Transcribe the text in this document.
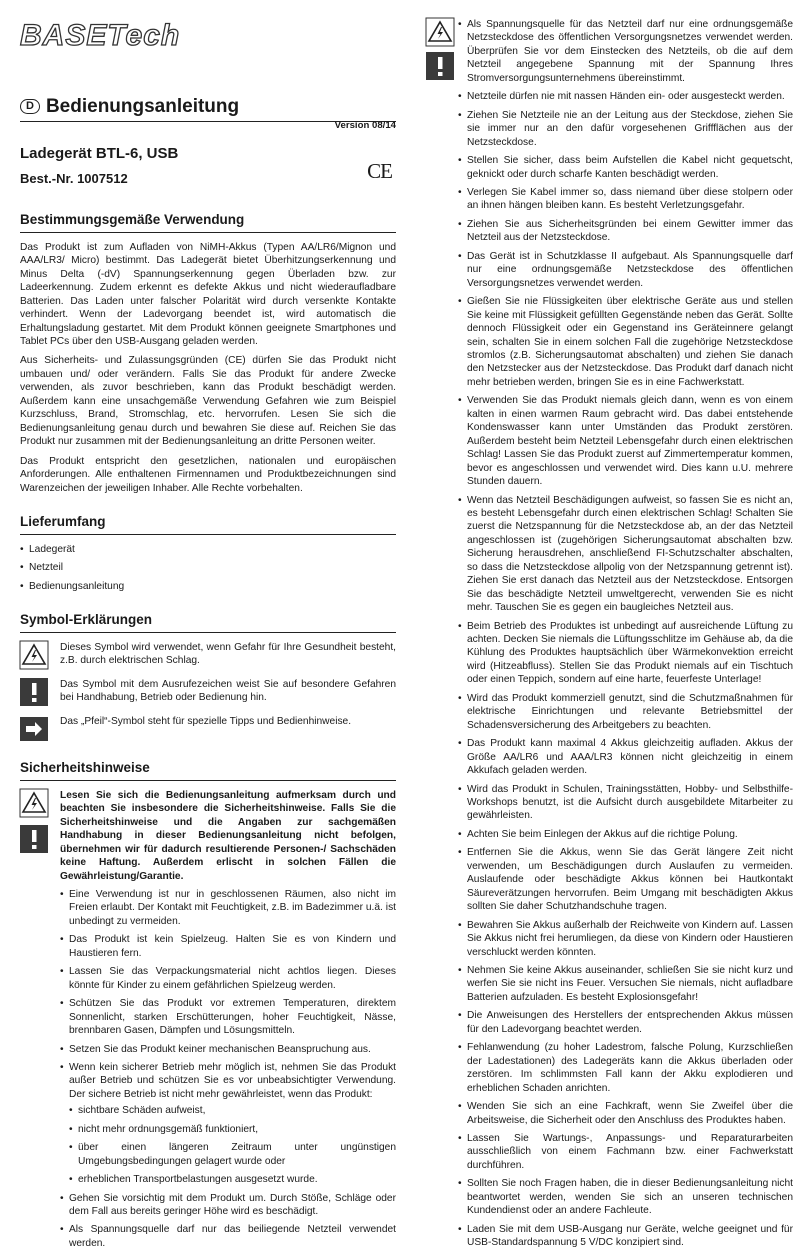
BASETech
D Bedienungsanleitung
Version 08/14
CE
Ladegerät BTL-6, USB
Best.-Nr. 1007512
Bestimmungsgemäße Verwendung

Das Produkt ist zum Aufladen von NiMH-Akkus (Typen AA/LR6/Mignon und AAA/LR3/ Micro) bestimmt. Das Ladegerät bietet Überhitzungserkennung und Minus Delta (-dV) Spannungserkennung gegen Überladen bzw. zur Ladeerkennung. Zudem erkennt es defekte Akkus und nicht wiederaufladbare Batterien. Das Laden unter falscher Polarität wird durch versenkte Kontakte verhindert. Wenn der Ladevorgang beendet ist, wird automatisch die Erhaltungsladung gestartet. Mit dem Produkt können geeignete Smartphones und Tablet PCs über den USB-Ausgang geladen werden.

Aus Sicherheits- und Zulassungsgründen (CE) dürfen Sie das Produkt nicht umbauen und/ oder verändern. Falls Sie das Produkt für andere Zwecke verwenden, als zuvor beschrieben, kann das Produkt beschädigt werden. Außerdem kann eine unsachgemäße Verwendung Gefahren wie zum Beispiel Kurzschluss, Brand, Stromschlag, etc. hervorrufen. Lesen Sie sich die Bedienungsanleitung genau durch und bewahren Sie diese auf. Reichen Sie das Produkt nur zusammen mit der Bedienungsanleitung an dritte Personen weiter.

Das Produkt entspricht den gesetzlichen, nationalen und europäischen Anforderungen. Alle enthaltenen Firmennamen und Produktbezeichnungen sind Warenzeichen der jeweiligen Inhaber. Alle Rechte vorbehalten.

Lieferumfang
• Ladegerät
• Netzteil
• Bedienungsanleitung
Symbol-Erklärungen
Dieses Symbol wird verwendet, wenn Gefahr für Ihre Gesundheit besteht, z.B. durch elektrischen Schlag.
Das Symbol mit dem Ausrufezeichen weist Sie auf besondere Gefahren bei Handhabung, Betrieb oder Bedienung hin.
Das „Pfeil“-Symbol steht für spezielle Tipps und Bedienhinweise.
Sicherheitshinweise
Lesen Sie sich die Bedienungsanleitung aufmerksam durch und beachten Sie insbesondere die Sicherheitshinweise. Falls Sie die Sicherheitshinweise und die Angaben zur sachgemäßen Handhabung in dieser Bedienungsanleitung nicht befolgen, übernehmen wir für dadurch resultierende Personen-/ Sachschäden keine Haftung. Außerdem erlischt in solchen Fällen die Gewährleistung/Garantie.
• Eine Verwendung ist nur in geschlossenen Räumen, also nicht im Freien erlaubt. Der Kontakt mit Feuchtigkeit, z.B. im Badezimmer u.ä. ist unbedingt zu vermeiden.
• Das Produkt ist kein Spielzeug. Halten Sie es von Kindern und Haustieren fern.
• Lassen Sie das Verpackungsmaterial nicht achtlos liegen. Dieses könnte für Kinder zu einem gefährlichen Spielzeug werden.
• Schützen Sie das Produkt vor extremen Temperaturen, direktem Sonnenlicht, starken Erschütterungen, hoher Feuchtigkeit, Nässe, brennbaren Gasen, Dämpfen und Lösungsmitteln.
• Setzen Sie das Produkt keiner mechanischen Beanspruchung aus.
• Wenn kein sicherer Betrieb mehr möglich ist, nehmen Sie das Produkt außer Betrieb und schützen Sie es vor unbeabsichtigter Verwendung. Der sichere Betrieb ist nicht mehr gewährleistet, wenn das Produkt:
• sichtbare Schäden aufweist,
• nicht mehr ordnungsgemäß funktioniert,
• über einen längeren Zeitraum unter ungünstigen Umgebungsbedingungen gelagert wurde oder
• erheblichen Transportbelastungen ausgesetzt wurde.
• Gehen Sie vorsichtig mit dem Produkt um. Durch Stöße, Schläge oder dem Fall aus bereits geringer Höhe wird es beschädigt.
• Als Spannungsquelle darf nur das beiliegende Netzteil verwendet werden.
• Als Spannungsquelle für das Netzteil darf nur eine ordnungsgemäße Netzsteckdose des öffentlichen Versorgungsnetzes verwendet werden. Überprüfen Sie vor dem Einstecken des Netzteils, ob die auf dem Netzteil angegebene Spannung mit der Spannung Ihres Stromversorgungsunternehmens übereinstimmt.
• Netzteile dürfen nie mit nassen Händen ein- oder ausgesteckt werden.
• Ziehen Sie Netzteile nie an der Leitung aus der Steckdose, ziehen Sie sie immer nur an den dafür vorgesehenen Griffflächen aus der Netzsteckdose.
• Stellen Sie sicher, dass beim Aufstellen die Kabel nicht gequetscht, geknickt oder durch scharfe Kanten beschädigt werden.
• Verlegen Sie Kabel immer so, dass niemand über diese stolpern oder an ihnen hängen bleiben kann. Es besteht Verletzungsgefahr.
• Ziehen Sie aus Sicherheitsgründen bei einem Gewitter immer das Netzteil aus der Netzsteckdose.
• Das Gerät ist in Schutzklasse II aufgebaut. Als Spannungsquelle darf nur eine ordnungsgemäße Netzsteckdose des öffentlichen Versorgungsnetzes verwendet werden.
• Gießen Sie nie Flüssigkeiten über elektrische Geräte aus und stellen Sie keine mit Flüssigkeit gefüllten Gegenstände neben das Gerät. Sollte dennoch Flüssigkeit oder ein Gegenstand ins Geräteinnere gelangt sein, schalten Sie in einem solchen Fall die zugehörige Netzsteckdose stromlos (z.B. Sicherungsautomat abschalten) und ziehen Sie danach den Netzstecker aus der Netzsteckdose. Das Produkt darf danach nicht mehr betrieben werden, bringen Sie es in eine Fachwerkstatt.
• Verwenden Sie das Produkt niemals gleich dann, wenn es von einem kalten in einen warmen Raum gebracht wird. Das dabei entstehende Kondenswasser kann unter Umständen das Produkt zerstören. Außerdem besteht beim Netzteil Lebensgefahr durch einen elektrischen Schlag! Lassen Sie das Produkt zuerst auf Zimmertemperatur kommen, bevor es angeschlossen und verwendet wird. Dies kann u.U. mehrere Stunden dauern.
• Wenn das Netzteil Beschädigungen aufweist, so fassen Sie es nicht an, es besteht Lebensgefahr durch einen elektrischen Schlag! Schalten Sie zuerst die Netzspannung für die Netzsteckdose ab, an der das Netzteil angeschlossen ist (zugehörigen Sicherungsautomat abschalten bzw. Sicherung herausdrehen, anschließend FI-Schutzschalter abschalten, so dass die Netzsteckdose allpolig von der Netzspannung getrennt ist). Ziehen Sie erst danach das Netzteil aus der Netzsteckdose. Entsorgen Sie das beschädigte Netzteil umweltgerecht, verwenden Sie es nicht mehr. Tauschen Sie es gegen ein baugleiches Netzteil aus.
• Beim Betrieb des Produktes ist unbedingt auf ausreichende Lüftung zu achten. Decken Sie niemals die Lüftungsschlitze im Gehäuse ab, da die Kühlung des Produktes hauptsächlich über Wärmekonvektion erreicht wird (Hitzeabfluss). Stellen Sie das Produkt niemals auf ein Tischtuch oder einen Teppich, sondern auf eine harte, feuerfeste Unterlage!
• Wird das Produkt kommerziell genutzt, sind die Schutzmaßnahmen für elektrische Einrichtungen und relevante Betriebsmittel der Schadensversicherung des Arbeitgebers zu beachten.
• Das Produkt kann maximal 4 Akkus gleichzeitig aufladen. Akkus der Größe AA/LR6 und AAA/LR3 können nicht gleichzeitig in einem Akkufach geladen werden.
• Wird das Produkt in Schulen, Trainingsstätten, Hobby- und Selbsthilfe-Workshops benutzt, ist die Aufsicht durch ausgebildete Mitarbeiter zu gewährleisten.
• Achten Sie beim Einlegen der Akkus auf die richtige Polung.
• Entfernen Sie die Akkus, wenn Sie das Gerät längere Zeit nicht verwenden, um Beschädigungen durch Auslaufen zu vermeiden. Auslaufende oder beschädigte Akkus können bei Hautkontakt Säureverätzungen hervorrufen. Beim Umgang mit beschädigten Akkus sollten Sie daher Schutzhandschuhe tragen.
• Bewahren Sie Akkus außerhalb der Reichweite von Kindern auf. Lassen Sie Akkus nicht frei herumliegen, da diese von Kindern oder Haustieren verschluckt werden könnten.
• Nehmen Sie keine Akkus auseinander, schließen Sie sie nicht kurz und werfen Sie sie nicht ins Feuer. Versuchen Sie niemals, nicht aufladbare Batterien aufzuladen. Es besteht Explosionsgefahr!
• Die Anweisungen des Herstellers der entsprechenden Akkus müssen für den Ladevorgang beachtet werden.
• Fehlanwendung (zu hoher Ladestrom, falsche Polung, Kurzschließen der Ladestationen) des Ladegeräts kann die Akkus überladen oder zerstören. Im schlimmsten Fall kann der Akku explodieren und erheblichen Schaden anrichten.
• Wenden Sie sich an eine Fachkraft, wenn Sie Zweifel über die Arbeitsweise, die Sicherheit oder den Anschluss des Produktes haben.
• Lassen Sie Wartungs-, Anpassungs- und Reparaturarbeiten ausschließlich von einem Fachmann bzw. einer Fachwerkstatt durchführen.
• Sollten Sie noch Fragen haben, die in dieser Bedienungsanleitung nicht beantwortet werden, wenden Sie sich an unseren technischen Kundendienst oder an andere Fachleute.
• Laden Sie mit dem USB-Ausgang nur Geräte, welche geeignet und für USB-Standardspannung 5 V/DC konzipiert sind.
